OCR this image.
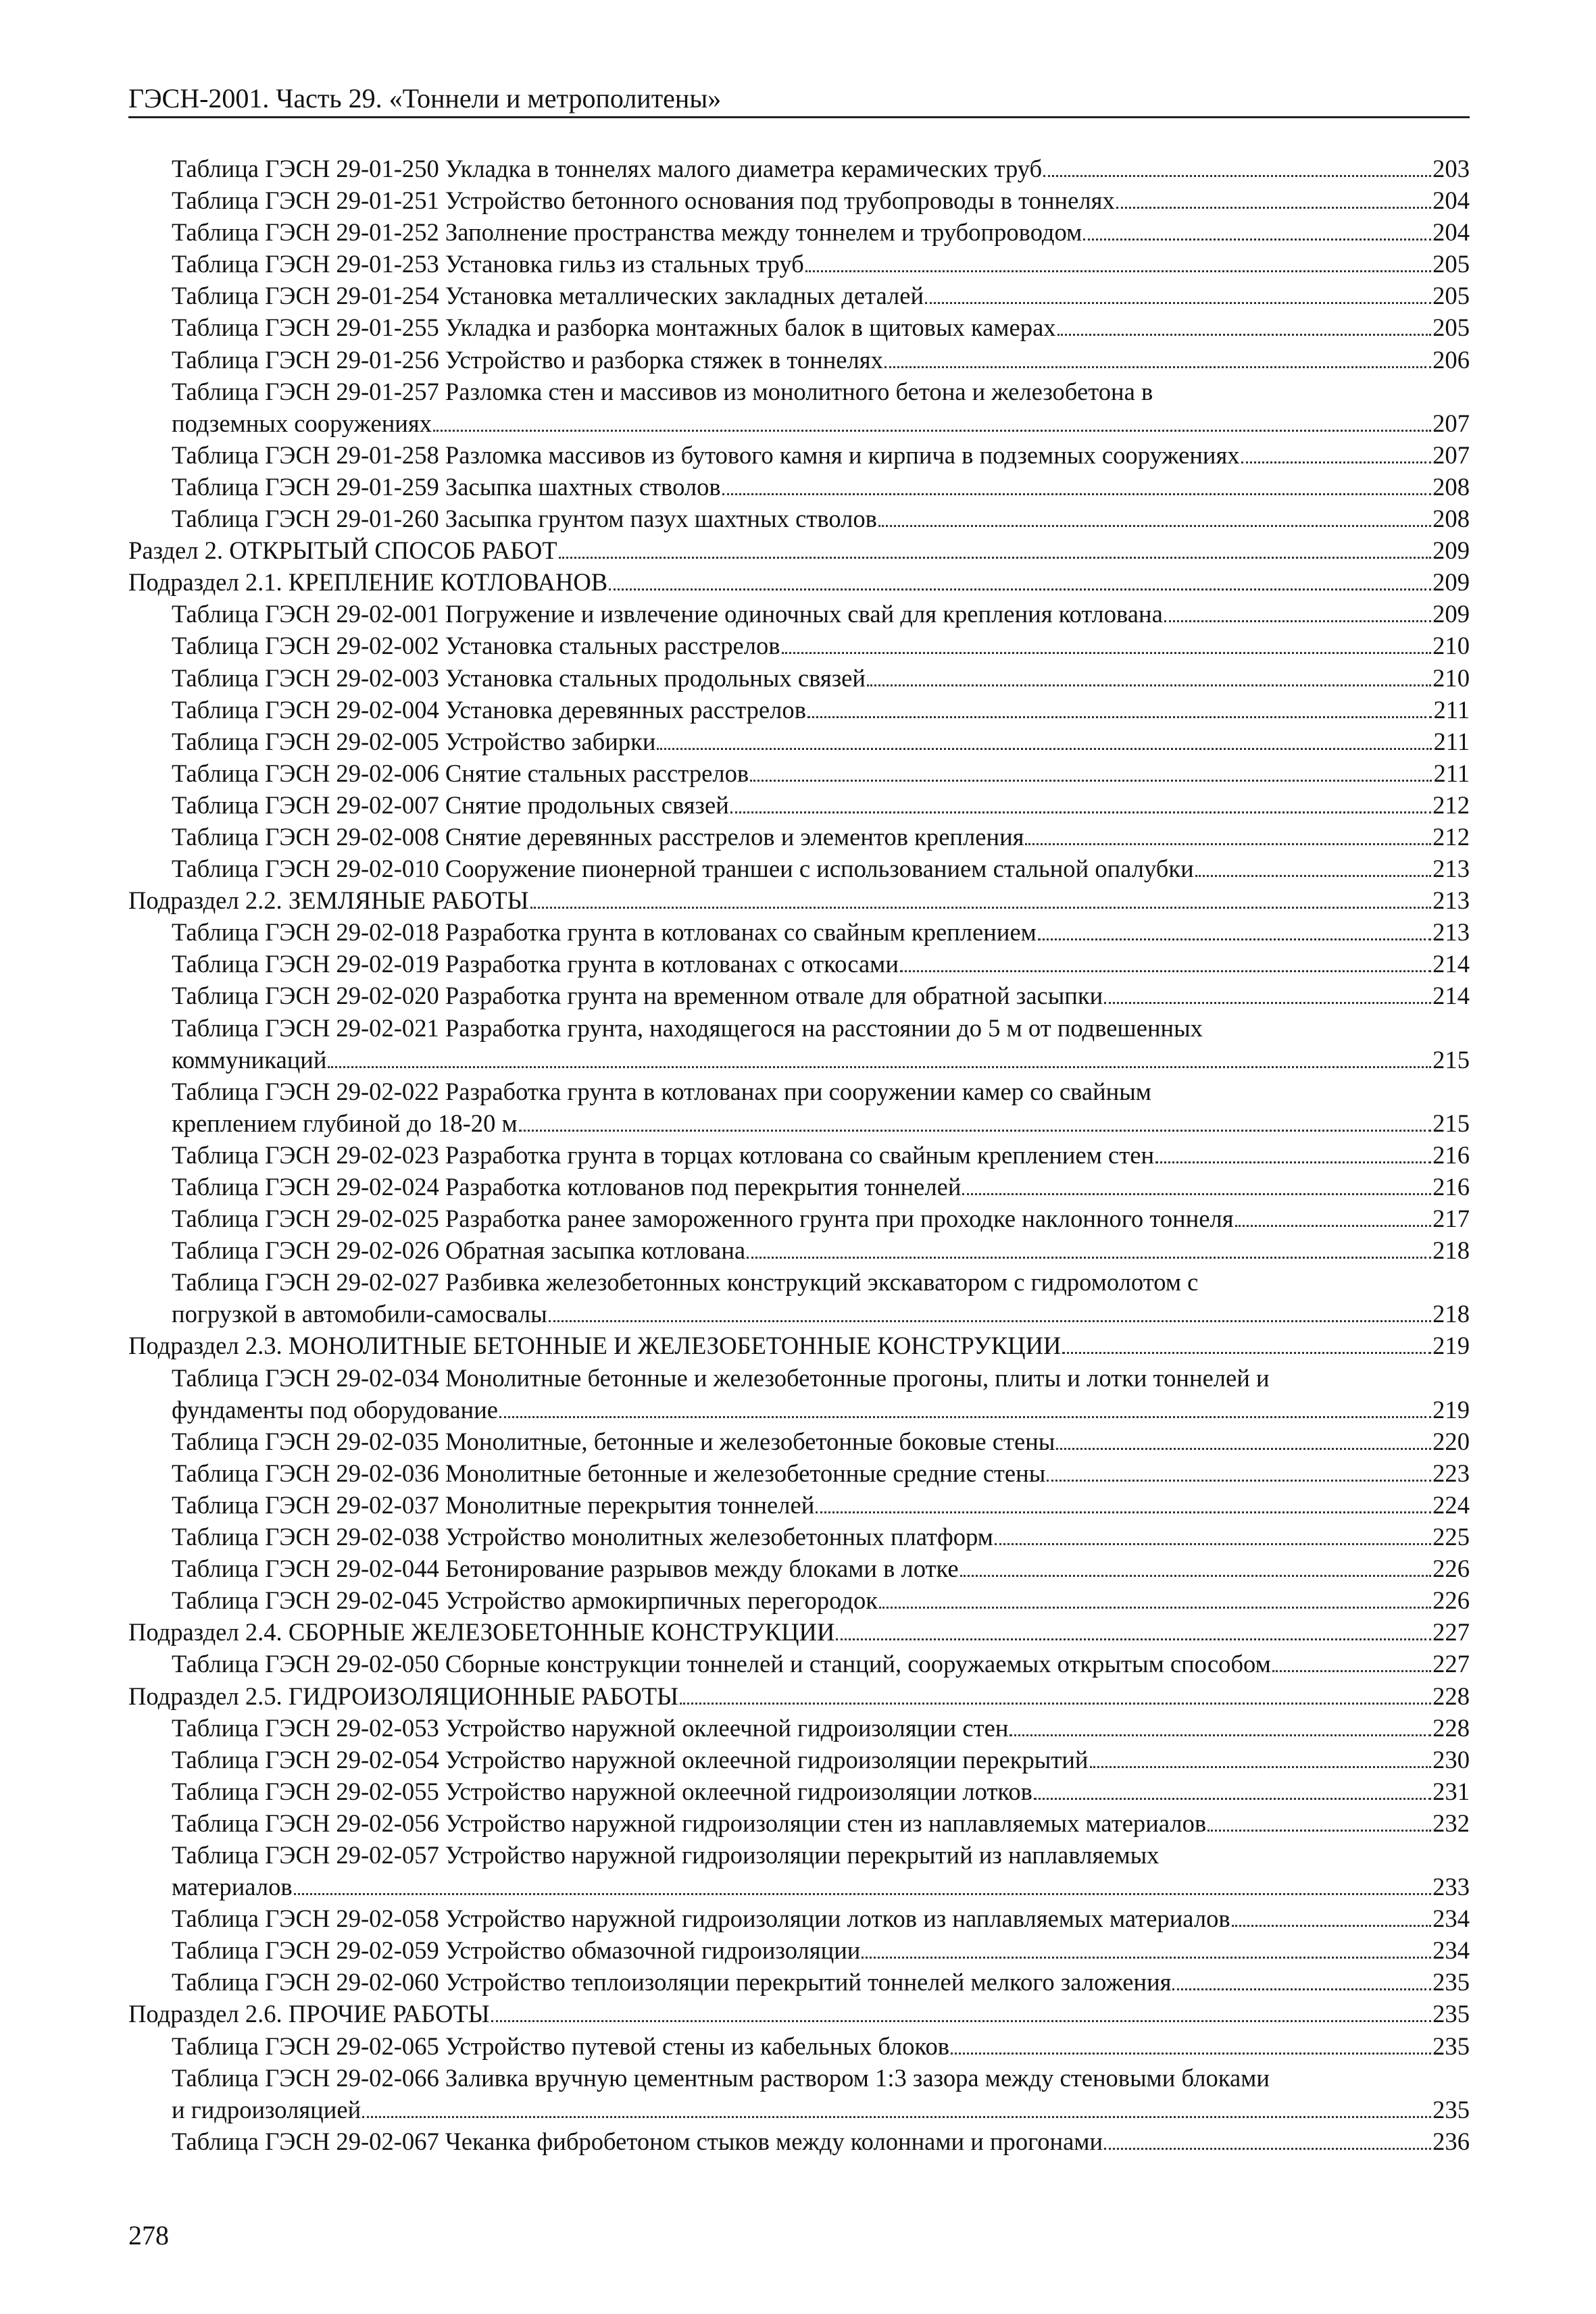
ГЭСН-2001. Часть 29. «Тоннели и метрополитены»
Таблица ГЭСН 29-01-250 Укладка в тоннелях малого диаметра керамических труб	203
Таблица ГЭСН 29-01-251 Устройство бетонного основания под трубопроводы в тоннелях	204
Таблица ГЭСН 29-01-252 Заполнение пространства между тоннелем и трубопроводом	204
Таблица ГЭСН 29-01-253 Установка гильз из стальных труб	205
Таблица ГЭСН 29-01-254 Установка металлических закладных деталей	205
Таблица ГЭСН 29-01-255 Укладка и разборка монтажных балок в щитовых камерах	205
Таблица ГЭСН 29-01-256 Устройство и разборка стяжек в тоннелях	206
Таблица ГЭСН 29-01-257 Разломка стен и массивов из монолитного бетона и железобетона в
подземных сооружениях	207
Таблица ГЭСН 29-01-258 Разломка массивов из бутового камня и кирпича в подземных сооружениях	207
Таблица ГЭСН 29-01-259 Засыпка шахтных стволов	208
Таблица ГЭСН 29-01-260 Засыпка грунтом пазух шахтных стволов	208
Раздел 2. ОТКРЫТЫЙ СПОСОБ РАБОТ	209
Подраздел 2.1. КРЕПЛЕНИЕ КОТЛОВАНОВ	209
Таблица ГЭСН 29-02-001 Погружение и извлечение одиночных свай для крепления котлована	209
Таблица ГЭСН 29-02-002 Установка стальных расстрелов	210
Таблица ГЭСН 29-02-003 Установка стальных продольных связей	210
Таблица ГЭСН 29-02-004 Установка деревянных расстрелов	211
Таблица ГЭСН 29-02-005 Устройство забирки	211
Таблица ГЭСН 29-02-006 Снятие стальных расстрелов	211
Таблица ГЭСН 29-02-007 Снятие продольных связей	212
Таблица ГЭСН 29-02-008 Снятие деревянных расстрелов и элементов крепления	212
Таблица ГЭСН 29-02-010 Сооружение пионерной траншеи с использованием стальной опалубки	213
Подраздел 2.2. ЗЕМЛЯНЫЕ РАБОТЫ	213
Таблица ГЭСН 29-02-018 Разработка грунта в котлованах со свайным креплением	213
Таблица ГЭСН 29-02-019 Разработка грунта в котлованах с откосами	214
Таблица ГЭСН 29-02-020 Разработка грунта на временном отвале для обратной засыпки	214
Таблица ГЭСН 29-02-021 Разработка грунта, находящегося на расстоянии до 5 м от подвешенных
коммуникаций	215
Таблица ГЭСН 29-02-022 Разработка грунта в котлованах при сооружении камер со свайным
креплением глубиной до 18-20 м	215
Таблица ГЭСН 29-02-023 Разработка грунта в торцах котлована со свайным креплением стен	216
Таблица ГЭСН 29-02-024 Разработка котлованов под перекрытия тоннелей	216
Таблица ГЭСН 29-02-025 Разработка ранее замороженного грунта при проходке наклонного тоннеля	217
Таблица ГЭСН 29-02-026 Обратная засыпка котлована	218
Таблица ГЭСН 29-02-027 Разбивка железобетонных конструкций экскаватором с гидромолотом с
погрузкой в автомобили-самосвалы	218
Подраздел 2.3. МОНОЛИТНЫЕ БЕТОННЫЕ И ЖЕЛЕЗОБЕТОННЫЕ КОНСТРУКЦИИ	219
Таблица ГЭСН 29-02-034 Монолитные бетонные и железобетонные прогоны, плиты и лотки тоннелей и
фундаменты под оборудование	219
Таблица ГЭСН 29-02-035 Монолитные, бетонные и железобетонные боковые стены	220
Таблица ГЭСН 29-02-036 Монолитные бетонные и железобетонные средние стены	223
Таблица ГЭСН 29-02-037 Монолитные перекрытия тоннелей	224
Таблица ГЭСН 29-02-038 Устройство монолитных железобетонных платформ	225
Таблица ГЭСН 29-02-044 Бетонирование разрывов между блоками в лотке	226
Таблица ГЭСН 29-02-045 Устройство армокирпичных перегородок	226
Подраздел 2.4. СБОРНЫЕ ЖЕЛЕЗОБЕТОННЫЕ КОНСТРУКЦИИ	227
Таблица ГЭСН 29-02-050 Сборные конструкции тоннелей и станций, сооружаемых открытым способом	227
Подраздел 2.5. ГИДРОИЗОЛЯЦИОННЫЕ РАБОТЫ	228
Таблица ГЭСН 29-02-053 Устройство наружной оклеечной гидроизоляции стен	228
Таблица ГЭСН 29-02-054 Устройство наружной оклеечной гидроизоляции перекрытий	230
Таблица ГЭСН 29-02-055 Устройство наружной оклеечной гидроизоляции лотков	231
Таблица ГЭСН 29-02-056 Устройство наружной гидроизоляции стен из наплавляемых материалов	232
Таблица ГЭСН 29-02-057 Устройство наружной гидроизоляции перекрытий из наплавляемых
материалов	233
Таблица ГЭСН 29-02-058 Устройство наружной гидроизоляции лотков из наплавляемых материалов	234
Таблица ГЭСН 29-02-059 Устройство обмазочной гидроизоляции	234
Таблица ГЭСН 29-02-060 Устройство теплоизоляции перекрытий тоннелей мелкого заложения	235
Подраздел 2.6. ПРОЧИЕ РАБОТЫ	235
Таблица ГЭСН 29-02-065 Устройство путевой стены из кабельных блоков	235
Таблица ГЭСН 29-02-066 Заливка вручную цементным раствором 1:3 зазора между стеновыми блоками
и гидроизоляцией	235
Таблица ГЭСН 29-02-067 Чеканка фибробетоном стыков между колоннами и прогонами	236
278
